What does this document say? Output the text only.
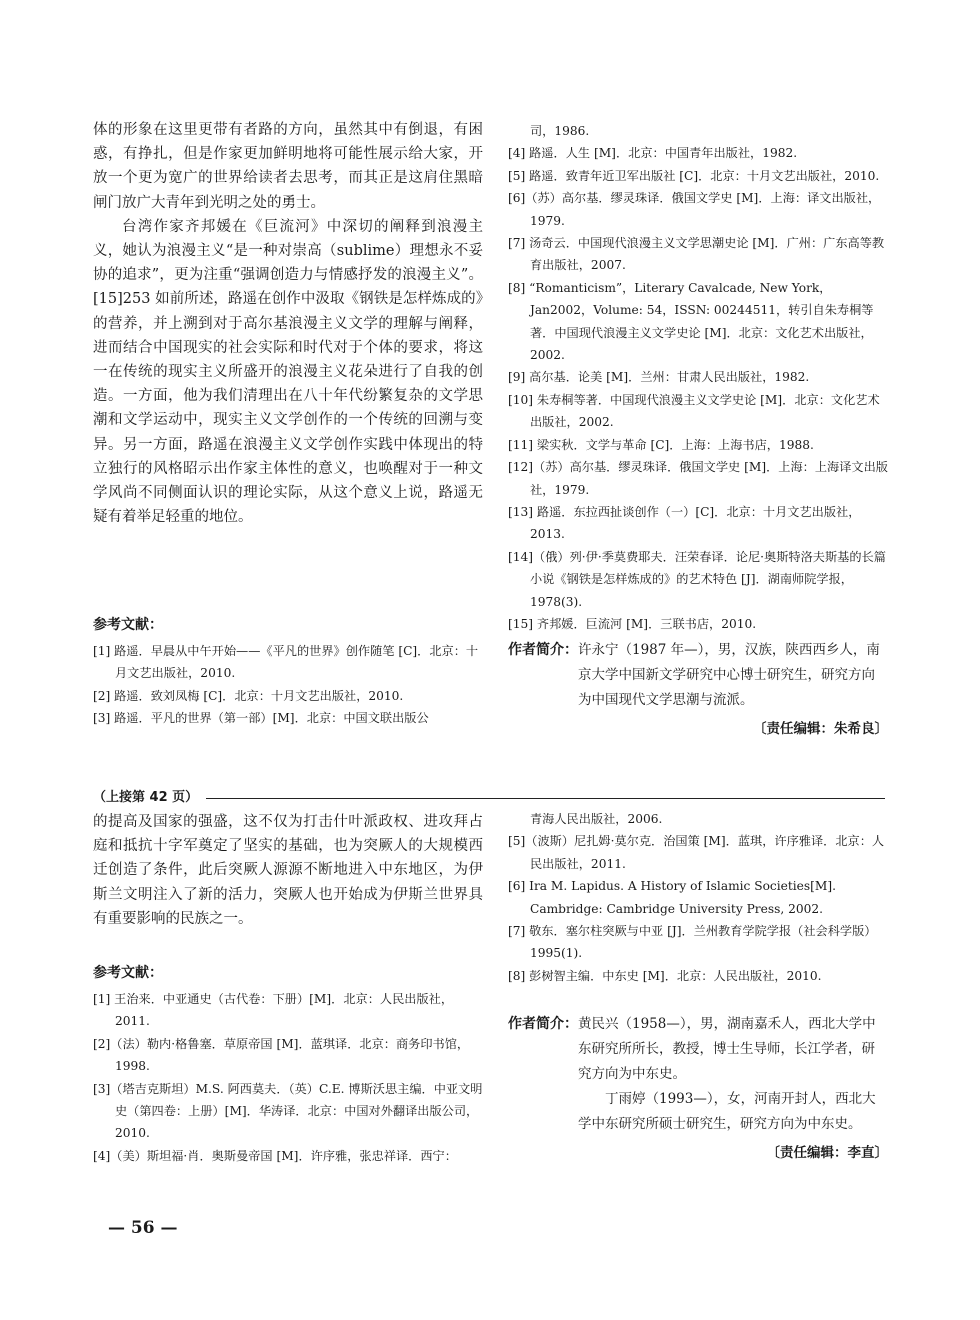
体的形象在这里更带有者路的方向，虽然其中有倒退，有困惑，有挣扎，但是作家更加鲜明地将可能性展示给大家，开放一个更为宽广的世界给读者去思考，而其正是这肩住黑暗闸门放广大青年到光明之处的勇士。

台湾作家齐邦媛在《巨流河》中深切的阐释到浪漫主义，她认为浪漫主义“是一种对崇高（sublime）理想永不妥协的追求”，更为注重“强调创造力与情感抒发的浪漫主义”。[15]253 如前所述，路遥在创作中汲取《钢铁是怎样炼成的》的营养，并上溯到对于高尔基浪漫主义文学的理解与阐释，进而结合中国现实的社会实际和时代对于个体的要求，将这一在传统的现实主义所盛开的浪漫主义花朵进行了自我的创造。一方面，他为我们清理出在八十年代纷繁复杂的文学思潮和文学运动中，现实主义文学创作的一个传统的回溯与变异。另一方面，路遥在浪漫主义文学创作实践中体现出的特立独行的风格昭示出作家主体性的意义，也唤醒对于一种文学风尚不同侧面认识的理论实际，从这个意义上说，路遥无疑有着举足轻重的地位。

参考文献：

[1] 路遥．早晨从中午开始——《平凡的世界》创作随笔 [C]．北京：十月文艺出版社，2010.

[2] 路遥．致刘凤梅 [C]．北京：十月文艺出版社，2010.

[3] 路遥．平凡的世界（第一部）[M]．北京：中国文联出版公

司，1986.

[4] 路遥．人生 [M]．北京：中国青年出版社，1982.

[5] 路遥．致青年近卫军出版社 [C]．北京：十月文艺出版社，2010.

[6]（苏）高尔基．缪灵珠译．俄国文学史 [M]．上海：译文出版社，1979.

[7] 汤奇云．中国现代浪漫主义文学思潮史论 [M]．广州：广东高等教育出版社，2007.

[8] “Romanticism”，Literary Cavalcade, New York，Jan2002，Volume: 54，ISSN: 00244511，转引自朱寿桐等著．中国现代浪漫主义文学史论 [M]．北京：文化艺术出版社，2002.

[9] 高尔基．论美 [M]．兰州：甘肃人民出版社，1982.

[10] 朱寿桐等著．中国现代浪漫主义文学史论 [M]．北京：文化艺术出版社，2002.

[11] 梁实秋．文学与革命 [C]．上海：上海书店，1988.

[12]（苏）高尔基．缪灵珠译．俄国文学史 [M]．上海：上海译文出版社，1979.

[13] 路遥．东拉西扯谈创作（一）[C]．北京：十月文艺出版社，2013.

[14]（俄）列·伊·季莫费耶夫．汪荣春译．论尼·奥斯特洛夫斯基的长篇小说《钢铁是怎样炼成的》的艺术特色 [J]．湖南师院学报，1978(3).

[15] 齐邦媛．巨流河 [M]．三联书店，2010.

作者简介： 许永宁（1987 年—），男，汉族，陕西西乡人，南京大学中国新文学研究中心博士研究生，研究方向为中国现代文学思潮与流派。

〔责任编辑：朱希良〕
（上接第 42 页）

的提高及国家的强盛，这不仅为打击什叶派政权、进攻拜占庭和抵抗十字军奠定了坚实的基础，也为突厥人的大规模西迁创造了条件，此后突厥人源源不断地进入中东地区，为伊斯兰文明注入了新的活力，突厥人也开始成为伊斯兰世界具有重要影响的民族之一。

参考文献：

[1] 王治来．中亚通史（古代卷：下册）[M]．北京：人民出版社，2011.

[2]（法）勒内·格鲁塞．草原帝国 [M]．蓝琪译．北京：商务印书馆，1998.

[3]（塔吉克斯坦）M.S. 阿西莫夫．（英）C.E. 博斯沃思主编．中亚文明史（第四卷：上册）[M]．华涛译．北京：中国对外翻译出版公司，2010.

[4]（美）斯坦福·肖．奥斯曼帝国 [M]．许序雅，张忠祥译．西宁：

青海人民出版社，2006.

[5]（波斯）尼扎姆·莫尔克．治国策 [M]．蓝琪，许序雅译．北京：人民出版社，2011.

[6] Ira M. Lapidus. A History of Islamic Societies[M]. Cambridge: Cambridge University Press, 2002.

[7] 敬东．塞尔柱突厥与中亚 [J]．兰州教育学院学报（社会科学版）1995(1).

[8] 彭树智主编．中东史 [M]．北京：人民出版社，2010.

作者简介： 黄民兴（1958—），男，湖南嘉禾人，西北大学中东研究所所长，教授，博士生导师，长江学者，研究方向为中东史。

丁雨婷（1993—），女，河南开封人，西北大学中东研究所硕士研究生，研究方向为中东史。

〔责任编辑：李直〕
— 56 —
